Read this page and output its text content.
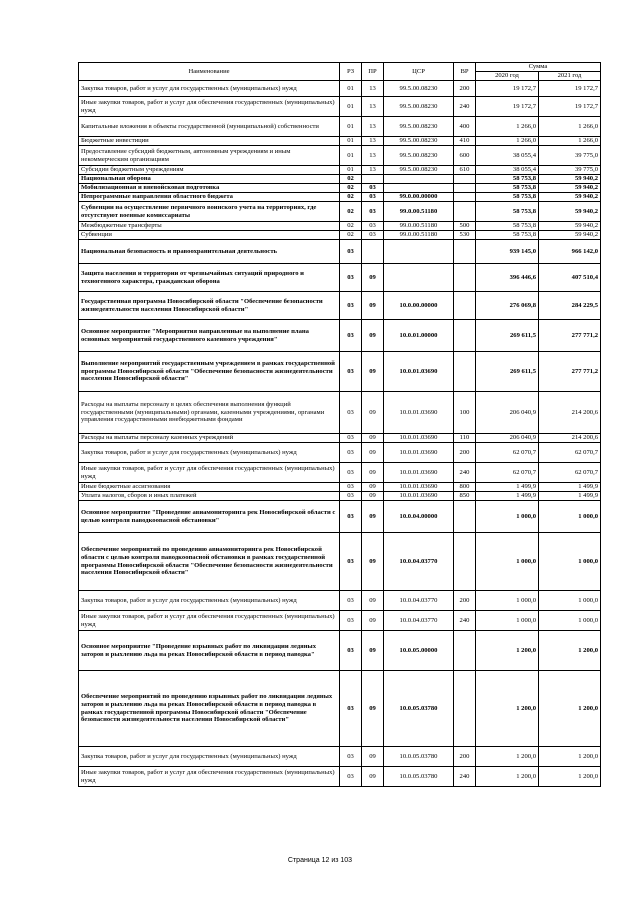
Наименование	РЗ	ПР	ЦСР	ВР	Сумма	
					2020 год	2021 год
Закупка товаров, работ и услуг для государственных (муниципальных) нужд	01	13	99.5.00.08230	200	19 172,7	19 172,7
Иные закупки товаров, работ и услуг для обеспечения государственных (муниципальных) нужд	01	13	99.5.00.08230	240	19 172,7	19 172,7
Капитальные вложения в объекты государственной (муниципальной) собственности	01	13	99.5.00.08230	400	1 266,0	1 266,0
Бюджетные инвестиции	01	13	99.5.00.08230	410	1 266,0	1 266,0
Предоставление субсидий бюджетным, автономным учреждениям и иным некоммерческим организациям	01	13	99.5.00.08230	600	38 055,4	39 775,0
Субсидии бюджетным учреждениям	01	13	99.5.00.08230	610	38 055,4	39 775,0
Национальная оборона	02				58 753,8	59 940,2
Мобилизационная и вневойсковая подготовка	02	03			58 753,8	59 940,2
Непрограммные направления областного бюджета	02	03	99.0.00.00000		58 753,8	59 940,2
Субвенции на осуществление первичного воинского учета на территориях, где отсутствуют военные комиссариаты	02	03	99.0.00.51180		58 753,8	59 940,2
Межбюджетные трансферты	02	03	99.0.00.51180	500	58 753,8	59 940,2
Субвенции	02	03	99.0.00.51180	530	58 753,8	59 940,2
Национальная безопасность и правоохранительная деятельность	03				939 145,0	966 142,0
Защита населения и территории от чрезвычайных ситуаций природного и техногенного характера, гражданская оборона	03	09			396 446,6	407 510,4
Государственная программа Новосибирской области "Обеспечение безопасности жизнедеятельности населения Новосибирской области"	03	09	10.0.00.00000		276 069,8	284 229,5
Основное мероприятие "Мероприятия направленные на выполнение плана основных мероприятий государственного казенного учреждения"	03	09	10.0.01.00000		269 611,5	277 771,2
Выполнение мероприятий государственным учреждением в рамках государственной программы Новосибирской области "Обеспечение безопасности жизнедеятельности населения Новосибирской области"	03	09	10.0.01.03690		269 611,5	277 771,2
Расходы на выплаты персоналу в целях обеспечения выполнения функций государственными (муниципальными) органами, казенными учреждениями, органами управления государственными внебюджетными фондами	03	09	10.0.01.03690	100	206 040,9	214 200,6
Расходы на выплаты персоналу казенных учреждений	03	09	10.0.01.03690	110	206 040,9	214 200,6
Закупка товаров, работ и услуг для государственных (муниципальных) нужд	03	09	10.0.01.03690	200	62 070,7	62 070,7
Иные закупки товаров, работ и услуг для обеспечения государственных (муниципальных) нужд	03	09	10.0.01.03690	240	62 070,7	62 070,7
Иные бюджетные ассигнования	03	09	10.0.01.03690	800	1 499,9	1 499,9
Уплата налогов, сборов и иных платежей	03	09	10.0.01.03690	850	1 499,9	1 499,9
Основное мероприятие "Проведение авиамониторинга рек Новосибирской области с целью контроля паводкоопасной обстановки"	03	09	10.0.04.00000		1 000,0	1 000,0
Обеспечение мероприятий по проведению авиамониторинга рек Новосибирской области с целью контроля паводкоопасной обстановки в рамках государственной программы Новосибирской области "Обеспечение безопасности жизнедеятельности населения Новосибирской области"	03	09	10.0.04.03770		1 000,0	1 000,0
Закупка товаров, работ и услуг для государственных (муниципальных) нужд	03	09	10.0.04.03770	200	1 000,0	1 000,0
Иные закупки товаров, работ и услуг для обеспечения государственных (муниципальных) нужд	03	09	10.0.04.03770	240	1 000,0	1 000,0
Основное мероприятие "Проведение взрывных работ по ликвидации ледяных заторов и рыхлению льда на реках Новосибирской области в период паводка"	03	09	10.0.05.00000		1 200,0	1 200,0
Обеспечение мероприятий по проведению взрывных работ по ликвидации ледяных заторов и рыхлению льда на реках Новосибирской области в период паводка в рамках государственной программы Новосибирской области "Обеспечение безопасности жизнедеятельности населения Новосибирской области"	03	09	10.0.05.03780		1 200,0	1 200,0
Закупка товаров, работ и услуг для государственных (муниципальных) нужд	03	09	10.0.05.03780	200	1 200,0	1 200,0
Иные закупки товаров, работ и услуг для обеспечения государственных (муниципальных) нужд	03	09	10.0.05.03780	240	1 200,0	1 200,0
Страница 12 из 103
